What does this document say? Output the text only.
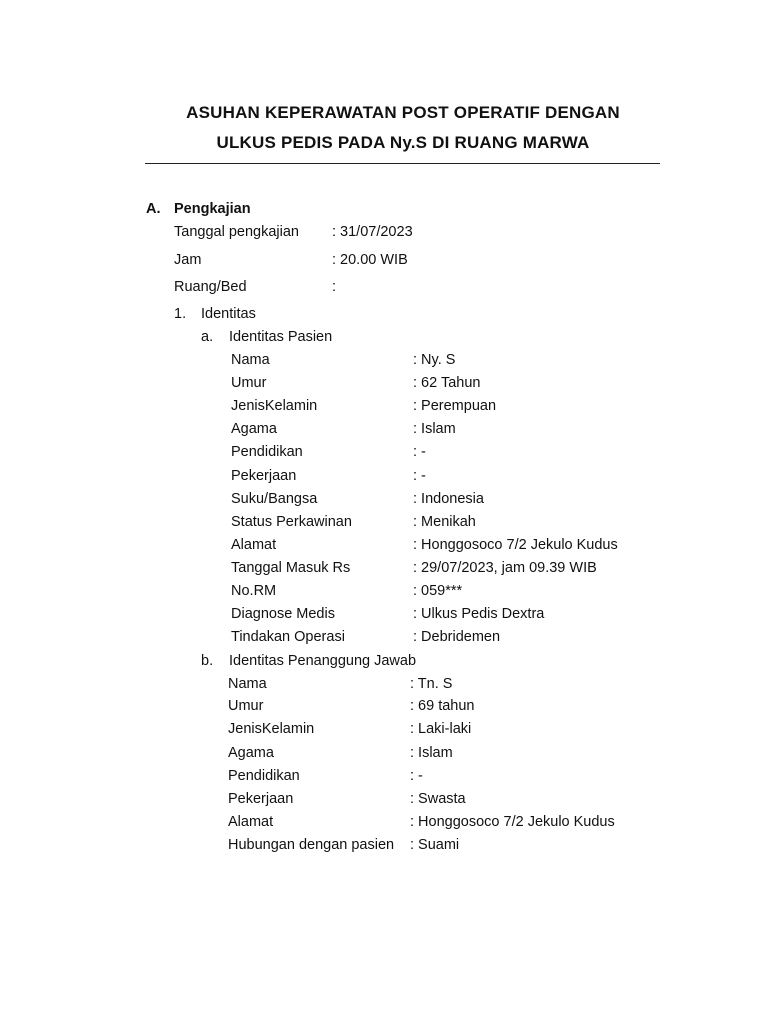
ASUHAN KEPERAWATAN POST OPERATIF DENGAN
ULKUS PEDIS PADA Ny.S DI RUANG MARWA
A. Pengkajian
Tanggal pengkajian : 31/07/2023
Jam	: 20.00 WIB
Ruang/Bed	:
1. Identitas
a. Identitas Pasien
Nama	: Ny. S
Umur	: 62 Tahun
JenisKelamin	: Perempuan
Agama	: Islam
Pendidikan	: -
Pekerjaan	: -
Suku/Bangsa	: Indonesia
Status Perkawinan	: Menikah
Alamat	: Honggosoco 7/2 Jekulo Kudus
Tanggal Masuk Rs	: 29/07/2023, jam 09.39 WIB
No.RM	: 059***
Diagnose Medis	: Ulkus Pedis Dextra
Tindakan Operasi	: Debridemen
b. Identitas Penanggung Jawab
Nama	: Tn. S
Umur	: 69 tahun
JenisKelamin	: Laki-laki
Agama	: Islam
Pendidikan	: -
Pekerjaan	: Swasta
Alamat	: Honggosoco 7/2 Jekulo Kudus
Hubungan dengan pasien : Suami
